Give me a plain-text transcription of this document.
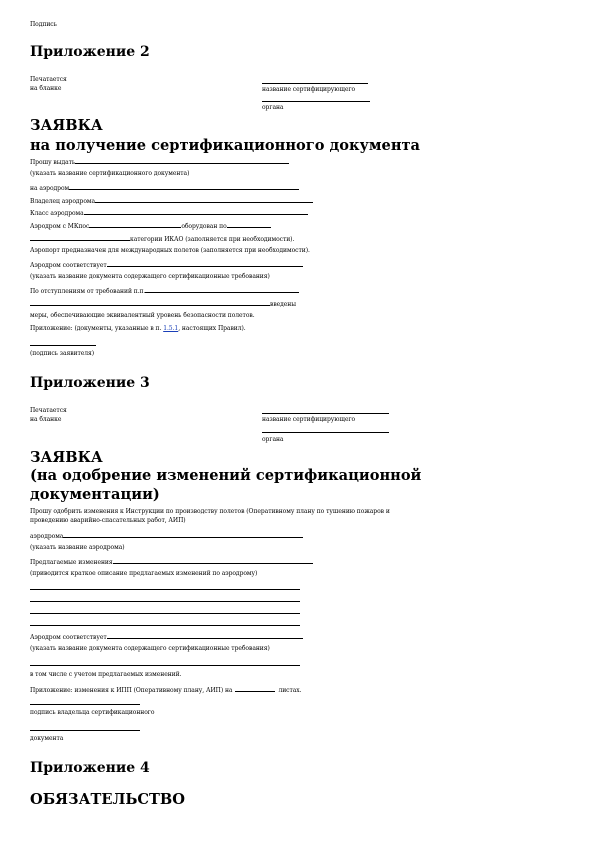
Подпись
Приложение 2
Печатается
на бланке	название сертифицирующего
органа
ЗАЯВКА
на получение сертификационного документа
Прошу выдать
(указать название сертификационного документа)
на аэродром
Владелец аэродрома
Класс аэродрома
Аэродром с МКпос	оборудован по
категории ИКАО (заполняется при необходимости).
Аэропорт предназначен для международных полетов (заполняется при необходимости).
Аэродром соответствует
(указать название документа содержащего сертификационные требования)
По отступлениям от требований п.п.
введены
меры, обеспечивающие эквивалентный уровень безопасности полетов.
Приложение: (документы, указанные в п. 1.5.1, настоящих Правил).
(подпись заявителя)
Приложение 3
Печатается
на бланке	название сертифицирующего
органа
ЗАЯВКА
(на одобрение изменений сертификационной
документации)
Прошу одобрить изменения к Инструкции по производству полетов (Оперативному плану по тушению пожаров и
проведению аварийно-спасательных работ, АИП)
аэродрома
(указать название аэродрома)
Предлагаемые изменения
(приводится краткое описание предлагаемых изменений по аэродрому)
Аэродром соответствует
(указать название документа содержащего сертификационные требования)
в том числе с учетом предлагаемых изменений.
Приложение: изменения к ИПП (Оперативному плану, АИП) на	листах.
подпись владельца сертификационного
документа
Приложение 4
ОБЯЗАТЕЛЬСТВО
